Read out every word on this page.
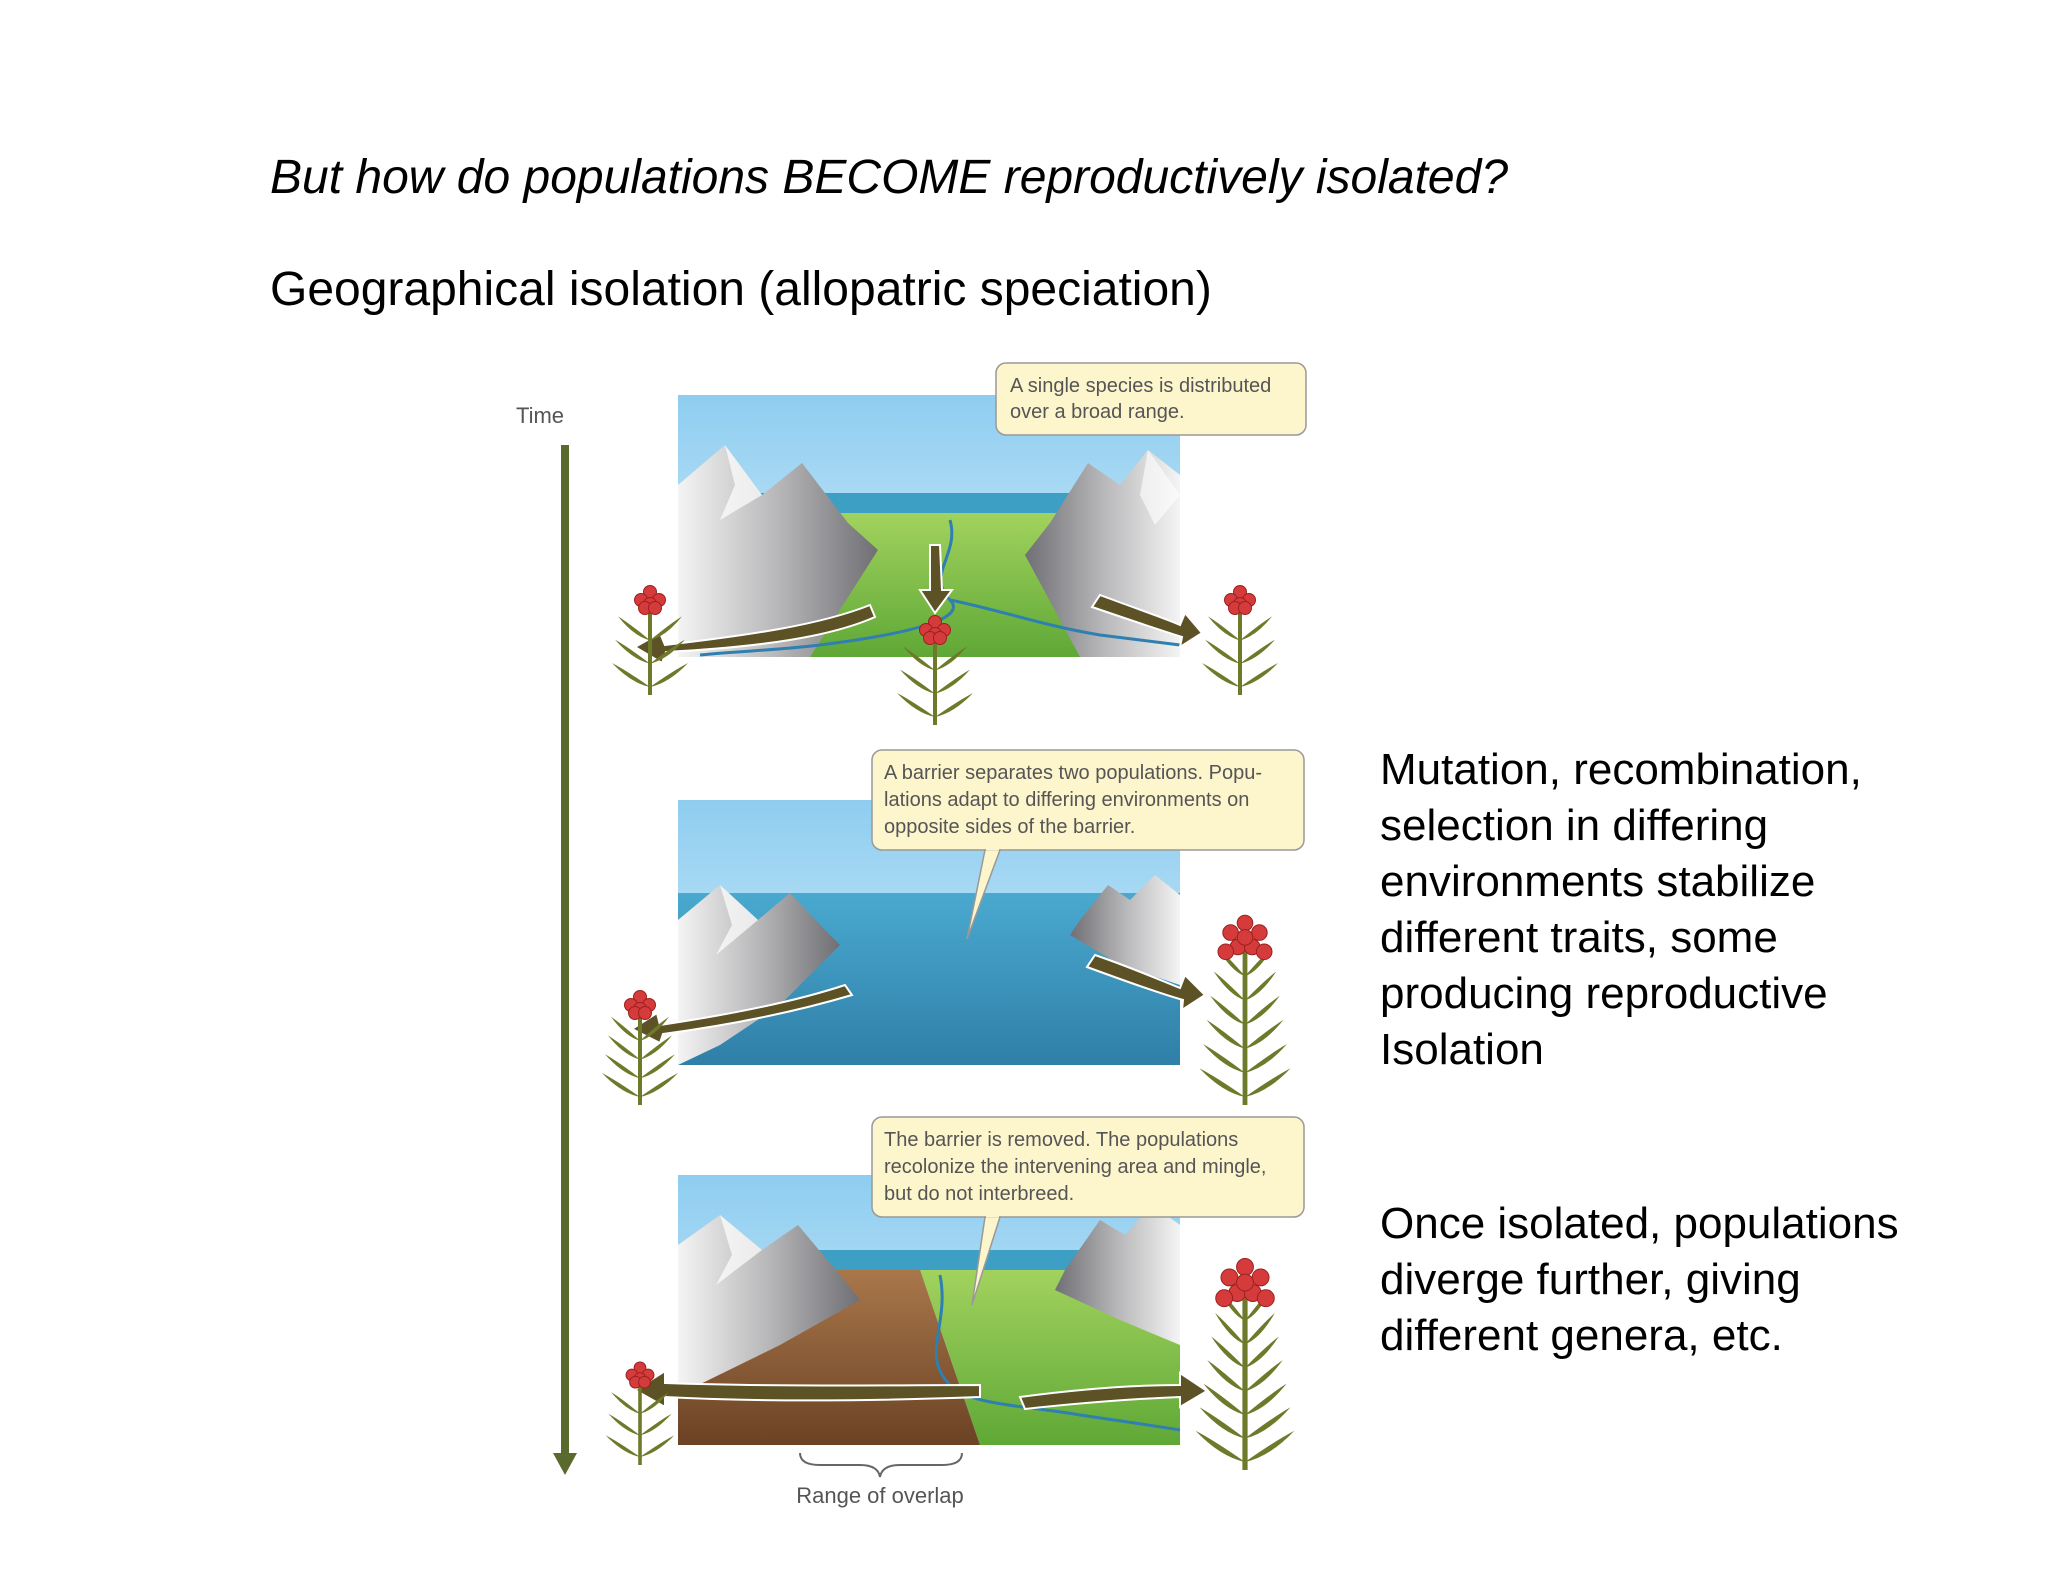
But how do populations BECOME reproductively isolated?
Geographical isolation (allopatric speciation)
Time
Range of overlap
A single species is distributed over a broad range.
A barrier separates two populations. Popu- lations adapt to differing environments on opposite sides of the barrier.
The barrier is removed. The populations recolonize the intervening area and mingle, but do not interbreed.
Mutation, recombination,
selection in differing
environments stabilize
different traits, some
producing reproductive
Isolation
Once isolated, populations
diverge further, giving
different genera, etc.
